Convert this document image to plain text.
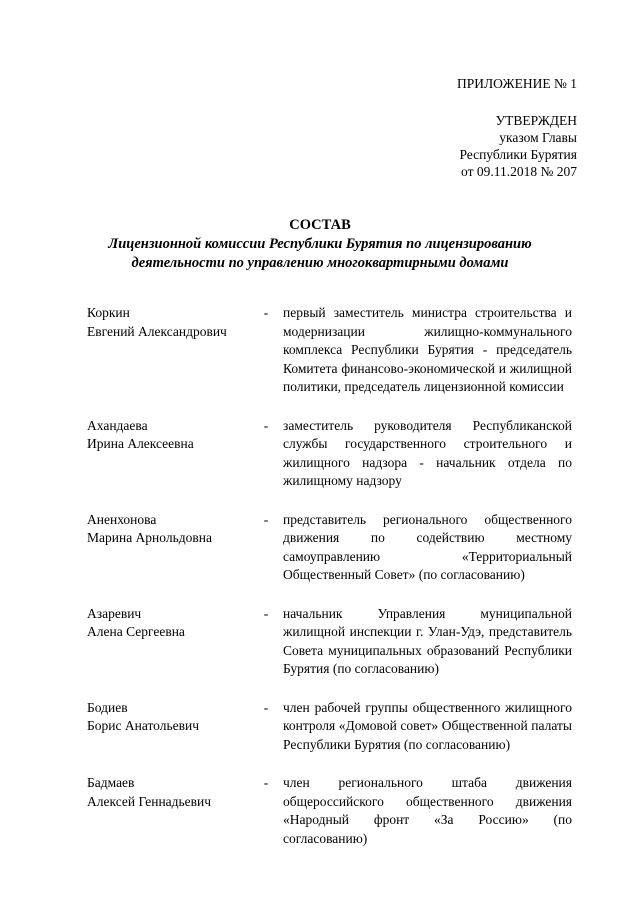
ПРИЛОЖЕНИЕ № 1
УТВЕРЖДЕН
указом Главы
Республики Бурятия
от 09.11.2018 № 207
СОСТАВ
Лицензионной комиссии Республики Бурятия по лицензированию
деятельности по управлению многоквартирными домами
Коркин
Евгений Александрович
-	первый заместитель министра строительства и модернизации жилищно-коммунального комплекса Республики Бурятия - председатель Комитета финансово-экономической и жилищной политики, председатель лицензионной комиссии
Ахандаева
Ирина Алексеевна
-	заместитель руководителя Республиканской службы государственного строительного и жилищного надзора - начальник отдела по жилищному надзору
Аненхонова
Марина Арнольдовна
-	представитель регионального общественного движения по содействию местному самоуправлению «Территориальный Общественный Совет» (по согласованию)
Азаревич
Алена Сергеевна
-	начальник Управления муниципальной жилищной инспекции г. Улан-Удэ, представитель Совета муниципальных образований Республики Бурятия (по согласованию)
Бодиев
Борис Анатольевич
-	член рабочей группы общественного жилищного контроля «Домовой совет» Общественной палаты Республики Бурятия (по согласованию)
Бадмаев
Алексей Геннадьевич
-	член регионального штаба движения общероссийского общественного движения «Народный фронт «За Россию» (по согласованию)
